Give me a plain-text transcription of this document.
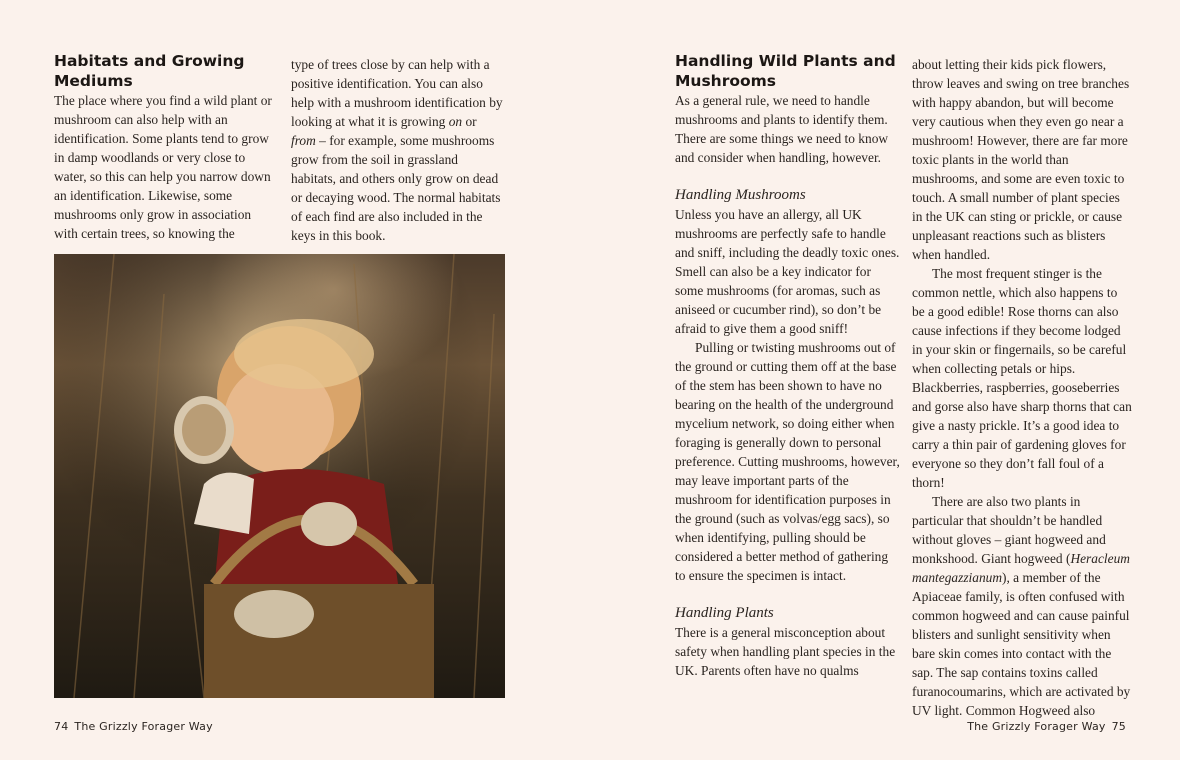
Habitats and Growing Mediums

The place where you find a wild plant or mushroom can also help with an identification. Some plants tend to grow in damp woodlands or very close to water, so this can help you narrow down an identification. Likewise, some mushrooms only grow in association with certain trees, so knowing the

type of trees close by can help with a positive identification. You can also help with a mushroom identification by looking at what it is growing on or from – for example, some mushrooms grow from the soil in grassland habitats, and others only grow on dead or decaying wood. The normal habitats of each find are also included in the keys in this book.

74 The Grizzly Forager Way
Handling Wild Plants and Mushrooms

As a general rule, we need to handle mushrooms and plants to identify them. There are some things we need to know and consider when handling, however.

Handling Mushrooms

Unless you have an allergy, all UK mushrooms are perfectly safe to handle and sniff, including the deadly toxic ones. Smell can also be a key indicator for some mushrooms (for aromas, such as aniseed or cucumber rind), so don’t be afraid to give them a good sniff!

Pulling or twisting mushrooms out of the ground or cutting them off at the base of the stem has been shown to have no bearing on the health of the underground mycelium network, so doing either when foraging is generally down to personal preference. Cutting mushrooms, however, may leave important parts of the mushroom for identification purposes in the ground (such as volvas/egg sacs), so when identifying, pulling should be considered a better method of gathering to ensure the specimen is intact.

Handling Plants

There is a general misconception about safety when handling plant species in the UK. Parents often have no qualms

about letting their kids pick flowers, throw leaves and swing on tree branches with happy abandon, but will become very cautious when they even go near a mushroom! However, there are far more toxic plants in the world than mushrooms, and some are even toxic to touch. A small number of plant species in the UK can sting or prickle, or cause unpleasant reactions such as blisters when handled.

The most frequent stinger is the common nettle, which also happens to be a good edible! Rose thorns can also cause infections if they become lodged in your skin or fingernails, so be careful when collecting petals or hips. Blackberries, raspberries, gooseberries and gorse also have sharp thorns that can give a nasty prickle. It’s a good idea to carry a thin pair of gardening gloves for everyone so they don’t fall foul of a thorn!

There are also two plants in particular that shouldn’t be handled without gloves – giant hogweed and monkshood. Giant hogweed (Heracleum mantegazzianum), a member of the Apiaceae family, is often confused with common hogweed and can cause painful blisters and sunlight sensitivity when bare skin comes into contact with the sap. The sap contains toxins called furanocoumarins, which are activated by UV light. Common Hogweed also

The Grizzly Forager Way 75
